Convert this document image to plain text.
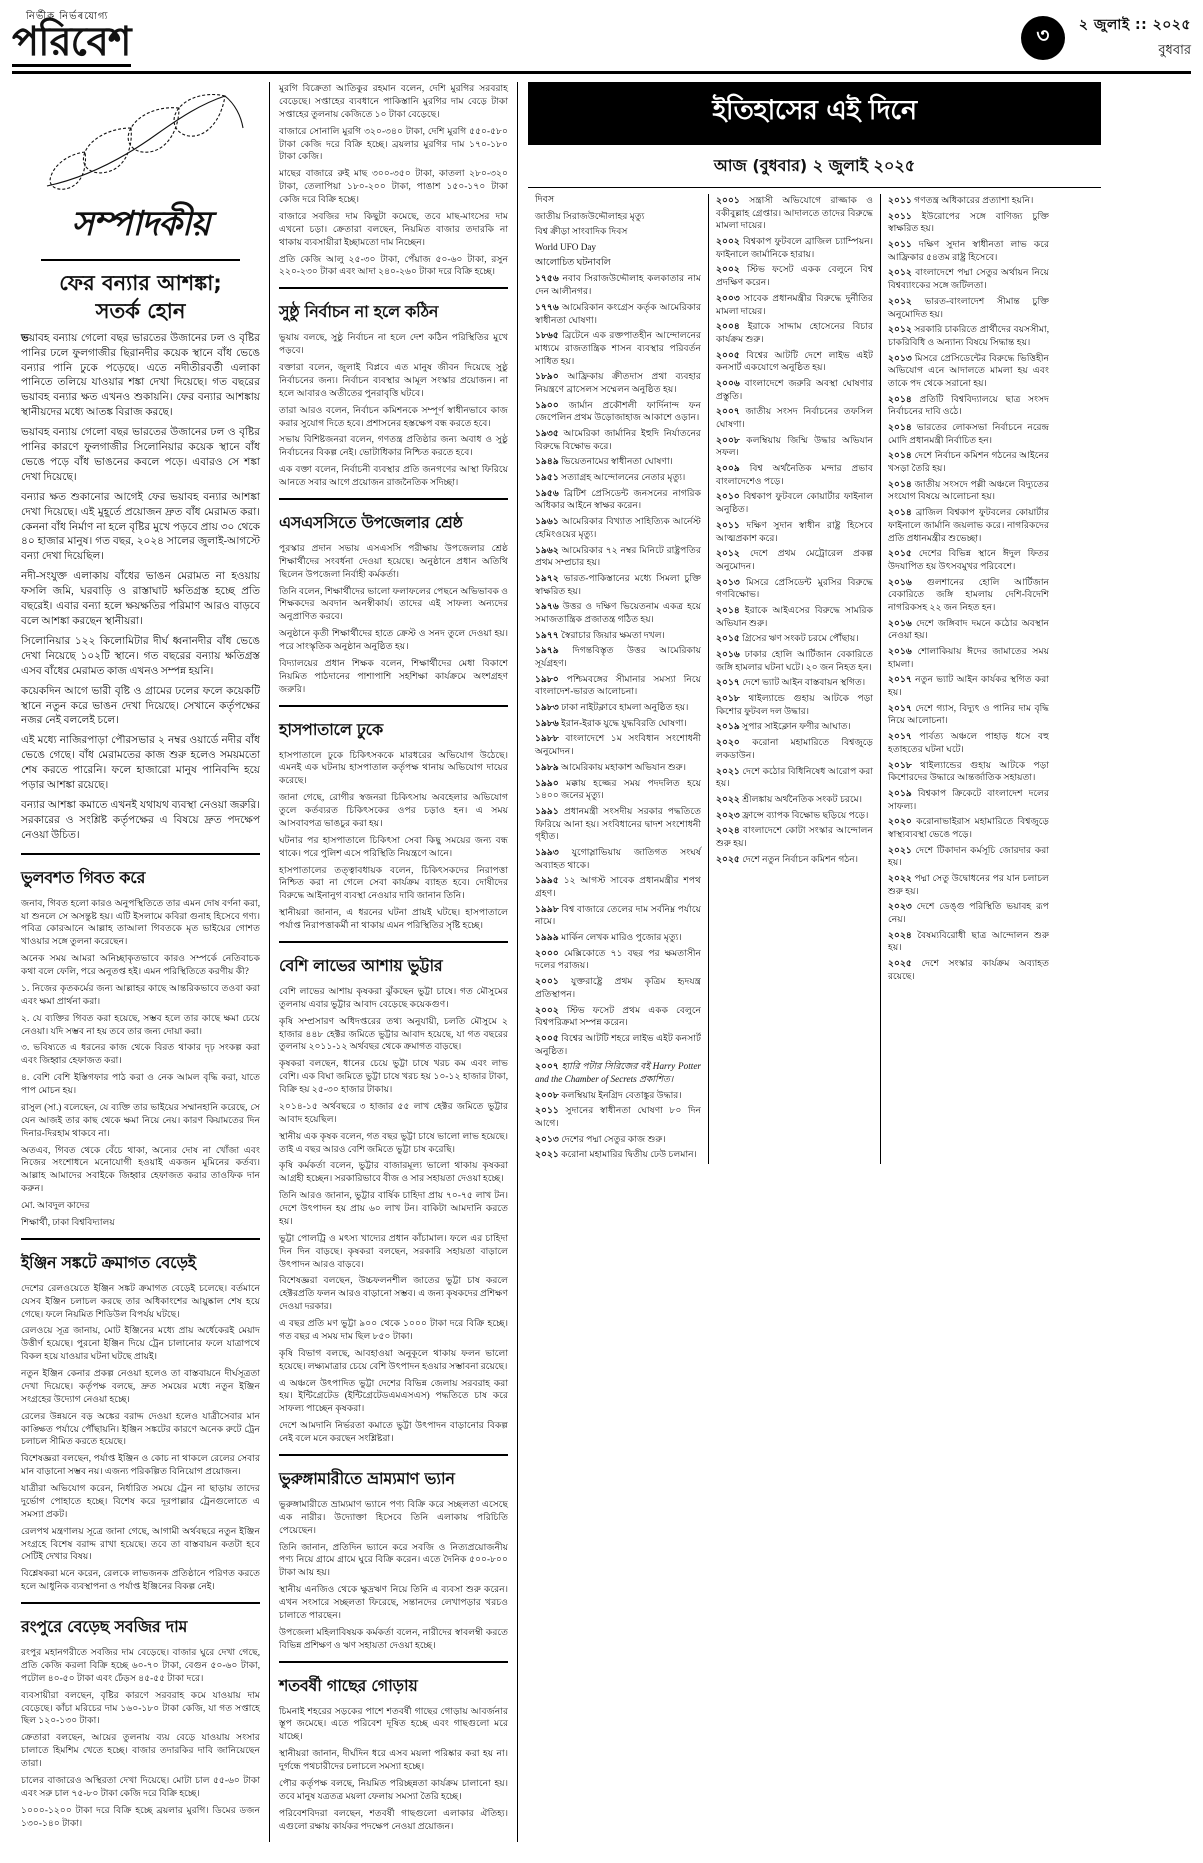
নিৰ্ভীক নিৰ্ভৰযোগ্য
পরিবেশ	৩	২ জুলাই :: ২০২৫
বুধবার
সম্পাদকীয়
ফের বন্যার আশঙ্কা;
সতর্ক হোন

ভয়াবহ বন্যায় গেলো বছর ভারতের উজানের ঢল ও বৃষ্টির পানির ঢলে ফুলগাজীর ছিরানদীর কয়েক স্থানে বাঁধ ভেঙে বন্যার পানি ঢুকে পড়েছে। এতে নদীতীরবর্তী এলাকা পানিতে তলিয়ে যাওয়ার শঙ্কা দেখা দিয়েছে। গত বছরের ভয়াবহ বন্যার ক্ষত এখনও শুকায়নি। ফের বন্যার আশঙ্কায় স্থানীয়দের মধ্যে আতঙ্ক বিরাজ করছে।

ভয়াবহ বন্যায় গেলো বছর ভারতের উজানের ঢল ও বৃষ্টির পানির কারণে ফুলগাজীর সিলোনিয়ার কয়েক স্থানে বাঁধ ভেঙে পড়ে বাঁধ ভাঙনের কবলে পড়ে। এবারও সে শঙ্কা দেখা দিয়েছে।

বন্যার ক্ষত শুকানোর আগেই ফের ভয়াবহ বন্যার আশঙ্কা দেখা দিয়েছে। এই মুহূর্তে প্রয়োজন দ্রুত বাঁধ মেরামত করা। কেননা বাঁধ নির্মাণ না হলে বৃষ্টির মুখে পড়বে প্রায় ৩০ থেকে ৪০ হাজার মানুষ। গত বছর, ২০২৪ সালের জুলাই-আগস্টে বন্যা দেখা দিয়েছিল।

নদী-সংযুক্ত এলাকায় বাঁধের ভাঙন মেরামত না হওয়ায় ফসলি জমি, ঘরবাড়ি ও রাস্তাঘাট ক্ষতিগ্রস্ত হচ্ছে প্রতি বছরেই। এবার বন্যা হলে ক্ষয়ক্ষতির পরিমাণ আরও বাড়বে বলে আশঙ্কা করছেন স্থানীয়রা।

সিলোনিয়ার ১২২ কিলোমিটার দীর্ঘ ধ্বনানদীর বাঁধ ভেঙে দেখা নিয়েছে ১০২টি স্থানে। গত বছরের বন্যায় ক্ষতিগ্রস্ত এসব বাঁধের মেরামত কাজ এখনও সম্পন্ন হয়নি।

কয়েকদিন আগে ভারী বৃষ্টি ও গ্রামের ঢলের ফলে কয়েকটি স্থানে নতুন করে ভাঙন দেখা দিয়েছে। সেখানে কর্তৃপক্ষের নজর নেই বললেই চলে।

এই মধ্যে নাজিরপাড়া পৌরসভার ২ নম্বর ওয়ার্ডে নদীর বাঁধ ভেঙে গেছে। বাঁধ মেরামতের কাজ শুরু হলেও সময়মতো শেষ করতে পারেনি। ফলে হাজারো মানুষ পানিবন্দি হয়ে পড়ার আশঙ্কা রয়েছে।

বন্যার আশঙ্কা কমাতে এখনই যথাযথ ব্যবস্থা নেওয়া জরুরি। সরকারের ও সংশ্লিষ্ট কর্তৃপক্ষের এ বিষয়ে দ্রুত পদক্ষেপ নেওয়া উচিত।

ভুলবশত গিবত করে

জনাব, গিবত হলো কারও অনুপস্থিতিতে তার এমন দোষ বর্ণনা করা, যা শুনলে সে অসন্তুষ্ট হয়। এটি ইসলামে কবিরা গুনাহ হিসেবে গণ্য। পবিত্র কোরআনে আল্লাহ তাআলা গিবতকে মৃত ভাইয়ের গোশত খাওয়ার সঙ্গে তুলনা করেছেন।

অনেক সময় আমরা অনিচ্ছাকৃতভাবে কারও সম্পর্কে নেতিবাচক কথা বলে ফেলি, পরে অনুতপ্ত হই। এমন পরিস্থিতিতে করণীয় কী?

১. নিজের কৃতকর্মের জন্য আল্লাহর কাছে আন্তরিকভাবে তওবা করা এবং ক্ষমা প্রার্থনা করা।

২. যে ব্যক্তির গিবত করা হয়েছে, সম্ভব হলে তার কাছে ক্ষমা চেয়ে নেওয়া। যদি সম্ভব না হয় তবে তার জন্য দোয়া করা।

৩. ভবিষ্যতে এ ধরনের কাজ থেকে বিরত থাকার দৃঢ় সংকল্প করা এবং জিহ্বার হেফাজত করা।

৪. বেশি বেশি ইস্তিগফার পাঠ করা ও নেক আমল বৃদ্ধি করা, যাতে পাপ মোচন হয়।

রাসুল (সা.) বলেছেন, যে ব্যক্তি তার ভাইয়ের সম্মানহানি করেছে, সে যেন আজই তার কাছ থেকে ক্ষমা নিয়ে নেয়। কারণ কিয়ামতের দিন দিনার-দিরহাম থাকবে না।

অতএব, গিবত থেকে বেঁচে থাকা, অন্যের দোষ না খোঁজা এবং নিজের সংশোধনে মনোযোগী হওয়াই একজন মুমিনের কর্তব্য। আল্লাহ আমাদের সবাইকে জিহ্বার হেফাজত করার তাওফিক দান করুন।

মো. আবদুল কাদের

শিক্ষার্থী, ঢাকা বিশ্ববিদ্যালয়

ইঞ্জিন সঙ্কটে ক্রমাগত বেড়েই

দেশের রেলওয়েতে ইঞ্জিন সঙ্কট ক্রমাগত বেড়েই চলেছে। বর্তমানে যেসব ইঞ্জিন চলাচল করছে তার অধিকাংশের আয়ুষ্কাল শেষ হয়ে গেছে। ফলে নিয়মিত শিডিউল বিপর্যয় ঘটছে।

রেলওয়ে সূত্র জানায়, মোট ইঞ্জিনের মধ্যে প্রায় অর্ধেকেরই মেয়াদ উত্তীর্ণ হয়েছে। পুরনো ইঞ্জিন দিয়ে ট্রেন চালানোর ফলে যাত্রাপথে বিকল হয়ে যাওয়ার ঘটনা ঘটছে প্রায়ই।

নতুন ইঞ্জিন কেনার প্রকল্প নেওয়া হলেও তা বাস্তবায়নে দীর্ঘসূত্রতা দেখা দিয়েছে। কর্তৃপক্ষ বলছে, দ্রুত সময়ের মধ্যে নতুন ইঞ্জিন সংগ্রহের উদ্যোগ নেওয়া হচ্ছে।

রেলের উন্নয়নে বড় অঙ্কের বরাদ্দ দেওয়া হলেও যাত্রীসেবার মান কাঙ্ক্ষিত পর্যায়ে পৌঁছায়নি। ইঞ্জিন সঙ্কটের কারণে অনেক রুটে ট্রেন চলাচল সীমিত করতে হয়েছে।

বিশেষজ্ঞরা বলছেন, পর্যাপ্ত ইঞ্জিন ও কোচ না থাকলে রেলের সেবার মান বাড়ানো সম্ভব নয়। এজন্য পরিকল্পিত বিনিয়োগ প্রয়োজন।

যাত্রীরা অভিযোগ করেন, নির্ধারিত সময়ে ট্রেন না ছাড়ায় তাদের দুর্ভোগ পোহাতে হচ্ছে। বিশেষ করে দূরপাল্লার ট্রেনগুলোতে এ সমস্যা প্রকট।

রেলপথ মন্ত্রণালয় সূত্রে জানা গেছে, আগামী অর্থবছরে নতুন ইঞ্জিন সংগ্রহে বিশেষ বরাদ্দ রাখা হয়েছে। তবে তা বাস্তবায়ন কতটা হবে সেটিই দেখার বিষয়।

বিশ্লেষকরা মনে করেন, রেলকে লাভজনক প্রতিষ্ঠানে পরিণত করতে হলে আধুনিক ব্যবস্থাপনা ও পর্যাপ্ত ইঞ্জিনের বিকল্প নেই।

রংপুরে বেড়েছ সবজির দাম

রংপুর মহানগরীতে সবজির দাম বেড়েছে। বাজার ঘুরে দেখা গেছে, প্রতি কেজি করলা বিক্রি হচ্ছে ৬০-৭০ টাকা, বেগুন ৫০-৬০ টাকা, পটোল ৪০-৫০ টাকা এবং ঢেঁড়স ৪৫-৫৫ টাকা দরে।

ব্যবসায়ীরা বলছেন, বৃষ্টির কারণে সরবরাহ কমে যাওয়ায় দাম বেড়েছে। কাঁচা মরিচের দাম ১৬০-১৮০ টাকা কেজি, যা গত সপ্তাহে ছিল ১২০-১৩০ টাকা।

ক্রেতারা বলছেন, আয়ের তুলনায় ব্যয় বেড়ে যাওয়ায় সংসার চালাতে হিমশিম খেতে হচ্ছে। বাজার তদারকির দাবি জানিয়েছেন তারা।

চালের বাজারেও অস্থিরতা দেখা দিয়েছে। মোটা চাল ৫৫-৬০ টাকা এবং সরু চাল ৭৫-৮০ টাকা কেজি দরে বিক্রি হচ্ছে।

১০০০-১২০০ টাকা দরে বিক্রি হচ্ছে ব্রয়লার মুরগি। ডিমের ডজন ১৩০-১৪০ টাকা।

মুরগি বিক্রেতা আতিকুর রহমান বলেন, দেশি মুরগির সরবরাহ বেড়েছে। সপ্তাহের ব্যবধানে পাকিস্তানি মুরগির দাম বেড়ে টাকা সপ্তাহের তুলনায় কেজিতে ১০ টাকা বেড়েছে।

বাজারে সোনালি মুরগি ৩২০-৩৪০ টাকা, দেশি মুরগি ৫৫০-৫৮০ টাকা কেজি দরে বিক্রি হচ্ছে। ব্রয়লার মুরগির দাম ১৭০-১৮০ টাকা কেজি।

মাছের বাজারে রুই মাছ ৩০০-৩৫০ টাকা, কাতলা ২৮০-৩২০ টাকা, তেলাপিয়া ১৮০-২০০ টাকা, পাঙাশ ১৫০-১৭০ টাকা কেজি দরে বিক্রি হচ্ছে।

বাজারে সবজির দাম কিছুটা কমেছে, তবে মাছ-মাংসের দাম এখনো চড়া। ক্রেতারা বলছেন, নিয়মিত বাজার তদারকি না থাকায় ব্যবসায়ীরা ইচ্ছামতো দাম নিচ্ছেন।

প্রতি কেজি আলু ২৫-৩০ টাকা, পেঁয়াজ ৫০-৬০ টাকা, রসুন ২২০-২৩০ টাকা এবং আদা ২৪০-২৬০ টাকা দরে বিক্রি হচ্ছে।

সুষ্ঠু নির্বাচন না হলে কঠিন

ভুয়ায় বলছে, সুষ্ঠু নির্বাচন না হলে দেশ কঠিন পরিস্থিতির মুখে পড়বে।

বক্তারা বলেন, জুলাই বিপ্লবে এত মানুষ জীবন দিয়েছে সুষ্ঠু নির্বাচনের জন্য। নির্বাচন ব্যবস্থার আমূল সংস্কার প্রয়োজন। না হলে আবারও অতীতের পুনরাবৃত্তি ঘটবে।

তারা আরও বলেন, নির্বাচন কমিশনকে সম্পূর্ণ স্বাধীনভাবে কাজ করার সুযোগ দিতে হবে। প্রশাসনের হস্তক্ষেপ বন্ধ করতে হবে।

সভায় বিশিষ্টজনরা বলেন, গণতন্ত্র প্রতিষ্ঠার জন্য অবাধ ও সুষ্ঠু নির্বাচনের বিকল্প নেই। ভোটাধিকার নিশ্চিত করতে হবে।

এক বক্তা বলেন, নির্বাচনী ব্যবস্থার প্রতি জনগণের আস্থা ফিরিয়ে আনতে সবার আগে প্রয়োজন রাজনৈতিক সদিচ্ছা।

এসএসসিতে উপজেলার শ্রেষ্ঠ

পুরস্কার প্রদান সভায় এসএসসি পরীক্ষায় উপজেলার শ্রেষ্ঠ শিক্ষার্থীদের সংবর্ধনা দেওয়া হয়েছে। অনুষ্ঠানে প্রধান অতিথি ছিলেন উপজেলা নির্বাহী কর্মকর্তা।

তিনি বলেন, শিক্ষার্থীদের ভালো ফলাফলের পেছনে অভিভাবক ও শিক্ষকদের অবদান অনস্বীকার্য। তাদের এই সাফল্য অন্যদের অনুপ্রাণিত করবে।

অনুষ্ঠানে কৃতী শিক্ষার্থীদের হাতে ক্রেস্ট ও সনদ তুলে দেওয়া হয়। পরে সাংস্কৃতিক অনুষ্ঠান অনুষ্ঠিত হয়।

বিদ্যালয়ের প্রধান শিক্ষক বলেন, শিক্ষার্থীদের মেধা বিকাশে নিয়মিত পাঠদানের পাশাপাশি সহশিক্ষা কার্যক্রমে অংশগ্রহণ জরুরি।

হাসপাতালে ঢুকে

হাসপাতালে ঢুকে চিকিৎসককে মারধরের অভিযোগ উঠেছে। এমনই এক ঘটনায় হাসপাতাল কর্তৃপক্ষ থানায় অভিযোগ দায়ের করেছে।

জানা গেছে, রোগীর স্বজনরা চিকিৎসায় অবহেলার অভিযোগ তুলে কর্তব্যরত চিকিৎসকের ওপর চড়াও হন। এ সময় আসবাবপত্র ভাঙচুর করা হয়।

ঘটনার পর হাসপাতালে চিকিৎসা সেবা কিছু সময়ের জন্য বন্ধ থাকে। পরে পুলিশ এসে পরিস্থিতি নিয়ন্ত্রণে আনে।

হাসপাতালের তত্ত্বাবধায়ক বলেন, চিকিৎসকদের নিরাপত্তা নিশ্চিত করা না গেলে সেবা কার্যক্রম ব্যাহত হবে। দোষীদের বিরুদ্ধে আইনানুগ ব্যবস্থা নেওয়ার দাবি জানান তিনি।

স্থানীয়রা জানান, এ ধরনের ঘটনা প্রায়ই ঘটছে। হাসপাতালে পর্যাপ্ত নিরাপত্তাকর্মী না থাকায় এমন পরিস্থিতির সৃষ্টি হচ্ছে।

বেশি লাভের আশায় ভুট্টার

বেশি লাভের আশায় কৃষকরা ঝুঁকছেন ভুট্টা চাষে। গত মৌসুমের তুলনায় এবার ভুট্টার আবাদ বেড়েছে কয়েকগুণ।

কৃষি সম্প্রসারণ অধিদপ্তরের তথ্য অনুযায়ী, চলতি মৌসুমে ২ হাজার ৪৪৮ হেক্টর জমিতে ভুট্টার আবাদ হয়েছে, যা গত বছরের তুলনায় ২০১১-১২ অর্থবছর থেকে ক্রমাগত বাড়ছে।

কৃষকরা বলছেন, ধানের চেয়ে ভুট্টা চাষে খরচ কম এবং লাভ বেশি। এক বিঘা জমিতে ভুট্টা চাষে খরচ হয় ১০-১২ হাজার টাকা, বিক্রি হয় ২৫-৩০ হাজার টাকায়।

২০১৪-১৫ অর্থবছরে ৩ হাজার ৫৫ লাখ হেক্টর জমিতে ভুট্টার আবাদ হয়েছিল।

স্থানীয় এক কৃষক বলেন, গত বছর ভুট্টা চাষে ভালো লাভ হয়েছে। তাই এ বছর আরও বেশি জমিতে ভুট্টা চাষ করেছি।

কৃষি কর্মকর্তা বলেন, ভুট্টার বাজারমূল্য ভালো থাকায় কৃষকরা আগ্রহী হচ্ছেন। সরকারিভাবে বীজ ও সার সহায়তা দেওয়া হচ্ছে।

তিনি আরও জানান, ভুট্টার বার্ষিক চাহিদা প্রায় ৭০-৭৫ লাখ টন। দেশে উৎপাদন হয় প্রায় ৬০ লাখ টন। বাকিটা আমদানি করতে হয়।

ভুট্টা পোলট্রি ও মৎস্য খাদ্যের প্রধান কাঁচামাল। ফলে এর চাহিদা দিন দিন বাড়ছে। কৃষকরা বলছেন, সরকারি সহায়তা বাড়ালে উৎপাদন আরও বাড়বে।

বিশেষজ্ঞরা বলছেন, উচ্চফলনশীল জাতের ভুট্টা চাষ করলে হেক্টরপ্রতি ফলন আরও বাড়ানো সম্ভব। এ জন্য কৃষকদের প্রশিক্ষণ দেওয়া দরকার।

এ বছর প্রতি মণ ভুট্টা ৯০০ থেকে ১০০০ টাকা দরে বিক্রি হচ্ছে। গত বছর এ সময় দাম ছিল ৮৫০ টাকা।

কৃষি বিভাগ বলছে, আবহাওয়া অনুকূলে থাকায় ফলন ভালো হয়েছে। লক্ষ্যমাত্রার চেয়ে বেশি উৎপাদন হওয়ার সম্ভাবনা রয়েছে।

এ অঞ্চলে উৎপাদিত ভুট্টা দেশের বিভিন্ন জেলায় সরবরাহ করা হয়। ইন্টিগ্রেটেড (ইন্টিগ্রেটেডএমএসএস) পদ্ধতিতে চাষ করে সাফল্য পাচ্ছেন কৃষকরা।

দেশে আমদানি নির্ভরতা কমাতে ভুট্টা উৎপাদন বাড়ানোর বিকল্প নেই বলে মনে করছেন সংশ্লিষ্টরা।

ভুরুঙ্গামারীতে ভ্রাম্যমাণ ভ্যান

ভুরুঙ্গামারীতে ভ্রাম্যমাণ ভ্যানে পণ্য বিক্রি করে সচ্ছলতা এসেছে এক নারীর। উদ্যোক্তা হিসেবে তিনি এলাকায় পরিচিতি পেয়েছেন।

তিনি জানান, প্রতিদিন ভ্যানে করে সবজি ও নিত্যপ্রয়োজনীয় পণ্য নিয়ে গ্রামে গ্রামে ঘুরে বিক্রি করেন। এতে দৈনিক ৫০০-৮০০ টাকা আয় হয়।

স্থানীয় এনজিও থেকে ক্ষুদ্রঋণ নিয়ে তিনি এ ব্যবসা শুরু করেন। এখন সংসারে সচ্ছলতা ফিরেছে, সন্তানদের লেখাপড়ার খরচও চালাতে পারছেন।

উপজেলা মহিলাবিষয়ক কর্মকর্তা বলেন, নারীদের স্বাবলম্বী করতে বিভিন্ন প্রশিক্ষণ ও ঋণ সহায়তা দেওয়া হচ্ছে।

শতবর্ষী গাছের গোড়ায়

চিমনাই শহরের সড়কের পাশে শতবর্ষী গাছের গোড়ায় আবর্জনার স্তূপ জমেছে। এতে পরিবেশ দূষিত হচ্ছে এবং গাছগুলো মরে যাচ্ছে।

স্থানীয়রা জানান, দীর্ঘদিন ধরে এসব ময়লা পরিষ্কার করা হয় না। দুর্গন্ধে পথচারীদের চলাচলে সমস্যা হচ্ছে।

পৌর কর্তৃপক্ষ বলছে, নিয়মিত পরিচ্ছন্নতা কার্যক্রম চালানো হয়। তবে মানুষ যত্রতত্র ময়লা ফেলায় সমস্যা তৈরি হচ্ছে।

পরিবেশবিদরা বলছেন, শতবর্ষী গাছগুলো এলাকার ঐতিহ্য। এগুলো রক্ষায় কার্যকর পদক্ষেপ নেওয়া প্রয়োজন।

ইতিহাসের এই দিনে
আজ (বুধবার) ২ জুলাই ২০২৫
দিবস
জাতীয় সিরাজউদ্দৌলাহর মৃত্যু
বিশ্ব ক্রীড়া সাংবাদিক দিবস
World UFO Day
আলোচিত ঘটনাবলি
১৭৫৬ নবাব সিরাজউদ্দৌলাহ কলকাতার নাম দেন আলীনগর।
১৭৭৬ আমেরিকান কংগ্রেস কর্তৃক আমেরিকার স্বাধীনতা ঘোষণা।
১৮৬৫ ব্রিটেনে এক রক্তপাতহীন আন্দোলনের মাধ্যমে রাজতান্ত্রিক শাসন ব্যবস্থার পরিবর্তন সাধিত হয়।
১৮৯০ আফ্রিকায় ক্রীতদাস প্রথা ব্যবহার নিয়ন্ত্রণে ব্রাসেলস সম্মেলন অনুষ্ঠিত হয়।
১৯০০ জার্মান প্রকৌশলী ফার্দিনান্দ ফন জেপেলিন প্রথম উড়োজাহাজ আকাশে ওড়ান।
১৯৩৫ আমেরিকা জার্মানির ইহুদি নির্যাতনের বিরুদ্ধে বিক্ষোভ করে।
১৯৪৯ ভিয়েতনামের স্বাধীনতা ঘোষণা।
১৯৫১ সত্যাগ্রহ আন্দোলনের নেতার মৃত্যু।
১৯৫৬ ব্রিটিশ প্রেসিডেন্ট জনসনের নাগরিক অধিকার আইনে স্বাক্ষর করেন।
১৯৬১ আমেরিকার বিখ্যাত সাহিত্যিক আর্নেস্ট হেমিংওয়ের মৃত্যু।
১৯৬২ আমেরিকার ৭২ নম্বর মিনিটে রাষ্ট্রপতির প্রথম সম্প্রচার হয়।
১৯৭২ ভারত-পাকিস্তানের মধ্যে সিমলা চুক্তি স্বাক্ষরিত হয়।
১৯৭৬ উত্তর ও দক্ষিণ ভিয়েতনাম একত্র হয়ে সমাজতান্ত্রিক প্রজাতন্ত্র গঠিত হয়।
১৯৭৭ স্বৈরাচার জিয়ার ক্ষমতা দখল।
১৯৭৯ দিগন্তবিস্তৃত উত্তর আমেরিকায় সূর্যগ্রহণ।
১৯৮০ পশ্চিমবঙ্গের সীমানার সমস্যা নিয়ে বাংলাদেশ-ভারত আলোচনা।
১৯৮৩ ঢাকা নাইটক্লাবে হামলা অনুষ্ঠিত হয়।
১৯৮৬ ইরান-ইরাক যুদ্ধে যুদ্ধবিরতি ঘোষণা।
১৯৮৮ বাংলাদেশে ১ম সংবিধান সংশোধনী অনুমোদন।
১৯৮৯ আমেরিকায় মহাকাশ অভিযান শুরু।
১৯৯০ মক্কায় হজ্জের সময় পদদলিত হয়ে ১৪০০ জনের মৃত্যু।
১৯৯১ প্রধানমন্ত্রী সংসদীয় সরকার পদ্ধতিতে ফিরিয়ে আনা হয়। সংবিধানের দ্বাদশ সংশোধনী গৃহীত।
১৯৯৩ যুগোস্লাভিয়ায় জাতিগত সংঘর্ষ অব্যাহত থাকে।
১৯৯৫ ১২ আগস্ট সাবেক প্রধানমন্ত্রীর শপথ গ্রহণ।
১৯৯৮ বিশ্ব বাজারে তেলের দাম সর্বনিম্ন পর্যায়ে নামে।
১৯৯৯ মার্কিন লেখক মারিও পুজোর মৃত্যু।
২০০০ মেক্সিকোতে ৭১ বছর পর ক্ষমতাসীন দলের পরাজয়।
২০০১ যুক্তরাষ্ট্রে প্রথম কৃত্রিম হৃদযন্ত্র প্রতিস্থাপন।
২০০২ স্টিভ ফসেট প্রথম একক বেলুনে বিশ্বপরিক্রমা সম্পন্ন করেন।
২০০৫ বিশ্বের আটটি শহরে লাইভ এইট কনসার্ট অনুষ্ঠিত।
২০০৭ হ্যারি পটার সিরিজের বই Harry Potter and the Chamber of Secrets প্রকাশিত।
২০০৮ কলম্বিয়ায় ইনগ্রিদ বেতাঙ্কুর উদ্ধার।
২০১১ সুদানের স্বাধীনতা ঘোষণা ৮০ দিন আগে।
২০১৩ দেশের পদ্মা সেতুর কাজ শুরু।
২০২১ করোনা মহামারির দ্বিতীয় ঢেউ চলমান।
২০০১ সন্ত্রাসী অভিযোগে রাজ্জাক ও বকীবুল্লাহ গ্রেপ্তার। আদালতে তাদের বিরুদ্ধে মামলা দায়ের।
২০০২ বিশ্বকাপ ফুটবলে ব্রাজিল চ্যাম্পিয়ন। ফাইনালে জার্মানিকে হারায়।
২০০২ স্টিভ ফসেট একক বেলুনে বিশ্ব প্রদক্ষিণ করেন।
২০০৩ সাবেক প্রধানমন্ত্রীর বিরুদ্ধে দুর্নীতির মামলা দায়ের।
২০০৪ ইরাকে সাদ্দাম হোসেনের বিচার কার্যক্রম শুরু।
২০০৫ বিশ্বের আটটি দেশে লাইভ এইট কনসার্ট একযোগে অনুষ্ঠিত হয়।
২০০৬ বাংলাদেশে জরুরি অবস্থা ঘোষণার প্রস্তুতি।
২০০৭ জাতীয় সংসদ নির্বাচনের তফসিল ঘোষণা।
২০০৮ কলম্বিয়ায় জিম্মি উদ্ধার অভিযান সফল।
২০০৯ বিশ্ব অর্থনৈতিক মন্দার প্রভাব বাংলাদেশেও পড়ে।
২০১০ বিশ্বকাপ ফুটবলে কোয়ার্টার ফাইনাল অনুষ্ঠিত।
২০১১ দক্ষিণ সুদান স্বাধীন রাষ্ট্র হিসেবে আত্মপ্রকাশ করে।
২০১২ দেশে প্রথম মেট্রোরেল প্রকল্প অনুমোদন।
২০১৩ মিসরে প্রেসিডেন্ট মুরসির বিরুদ্ধে গণবিক্ষোভ।
২০১৪ ইরাকে আইএসের বিরুদ্ধে সামরিক অভিযান শুরু।
২০১৫ গ্রিসের ঋণ সংকট চরমে পৌঁছায়।
২০১৬ ঢাকার হোলি আর্টিজান বেকারিতে জঙ্গি হামলার ঘটনা ঘটে। ২০ জন নিহত হন।
২০১৭ দেশে ভ্যাট আইন বাস্তবায়ন স্থগিত।
২০১৮ থাইল্যান্ডে গুহায় আটকে পড়া কিশোর ফুটবল দল উদ্ধার।
২০১৯ সুপার সাইক্লোন ফণীর আঘাত।
২০২০ করোনা মহামারিতে বিশ্বজুড়ে লকডাউন।
২০২১ দেশে কঠোর বিধিনিষেধ আরোপ করা হয়।
২০২২ শ্রীলঙ্কায় অর্থনৈতিক সংকট চরমে।
২০২৩ ফ্রান্সে ব্যাপক বিক্ষোভ ছড়িয়ে পড়ে।
২০২৪ বাংলাদেশে কোটা সংস্কার আন্দোলন শুরু হয়।
২০২৫ দেশে নতুন নির্বাচন কমিশন গঠন।
২০১১ গণতন্ত্র অধিকারের প্রত্যাশা হয়নি।
২০১১ ইউরোপের সঙ্গে বাণিজ্য চুক্তি স্বাক্ষরিত হয়।
২০১১ দক্ষিণ সুদান স্বাধীনতা লাভ করে আফ্রিকার ৫৪তম রাষ্ট্র হিসেবে।
২০১২ বাংলাদেশে পদ্মা সেতুর অর্থায়ন নিয়ে বিশ্বব্যাংকের সঙ্গে জটিলতা।
২০১২ ভারত-বাংলাদেশ সীমান্ত চুক্তি অনুমোদিত হয়।
২০১২ সরকারি চাকরিতে প্রার্থীদের বয়সসীমা, চাকরিবিধি ও অন্যান্য বিষয়ে সিদ্ধান্ত হয়।
২০১৩ মিসরে প্রেসিডেন্টের বিরুদ্ধে ভিত্তিহীন অভিযোগ এনে আদালতে মামলা হয় এবং তাকে পদ থেকে সরানো হয়।
২০১৪ প্রতিটি বিশ্ববিদ্যালয়ে ছাত্র সংসদ নির্বাচনের দাবি ওঠে।
২০১৪ ভারতের লোকসভা নির্বাচনে নরেন্দ্র মোদি প্রধানমন্ত্রী নির্বাচিত হন।
২০১৪ দেশে নির্বাচন কমিশন গঠনের আইনের খসড়া তৈরি হয়।
২০১৪ জাতীয় সংসদে পল্লী অঞ্চলে বিদ্যুতের সংযোগ বিষয়ে আলোচনা হয়।
২০১৪ ব্রাজিল বিশ্বকাপ ফুটবলের কোয়ার্টার ফাইনালে জার্মানি জয়লাভ করে। নাগরিকদের প্রতি প্রধানমন্ত্রীর শুভেচ্ছা।
২০১৫ দেশের বিভিন্ন স্থানে ঈদুল ফিতর উদযাপিত হয় উৎসবমুখর পরিবেশে।
২০১৬ গুলশানের হোলি আর্টিজান বেকারিতে জঙ্গি হামলায় দেশি-বিদেশি নাগরিকসহ ২২ জন নিহত হন।
২০১৬ দেশে জঙ্গিবাদ দমনে কঠোর অবস্থান নেওয়া হয়।
২০১৬ শোলাকিয়ায় ঈদের জামাতের সময় হামলা।
২০১৭ নতুন ভ্যাট আইন কার্যকর স্থগিত করা হয়।
২০১৭ দেশে গ্যাস, বিদ্যুৎ ও পানির দাম বৃদ্ধি নিয়ে আলোচনা।
২০১৭ পার্বত্য অঞ্চলে পাহাড় ধসে বহু হতাহতের ঘটনা ঘটে।
২০১৮ থাইল্যান্ডের গুহায় আটকে পড়া কিশোরদের উদ্ধারে আন্তর্জাতিক সহায়তা।
২০১৯ বিশ্বকাপ ক্রিকেটে বাংলাদেশ দলের সাফল্য।
২০২০ করোনাভাইরাস মহামারিতে বিশ্বজুড়ে স্বাস্থ্যব্যবস্থা ভেঙে পড়ে।
২০২১ দেশে টিকাদান কর্মসূচি জোরদার করা হয়।
২০২২ পদ্মা সেতু উদ্বোধনের পর যান চলাচল শুরু হয়।
২০২৩ দেশে ডেঙ্গু পরিস্থিতি ভয়াবহ রূপ নেয়।
২০২৪ বৈষম্যবিরোধী ছাত্র আন্দোলন শুরু হয়।
২০২৫ দেশে সংস্কার কার্যক্রম অব্যাহত রয়েছে।
